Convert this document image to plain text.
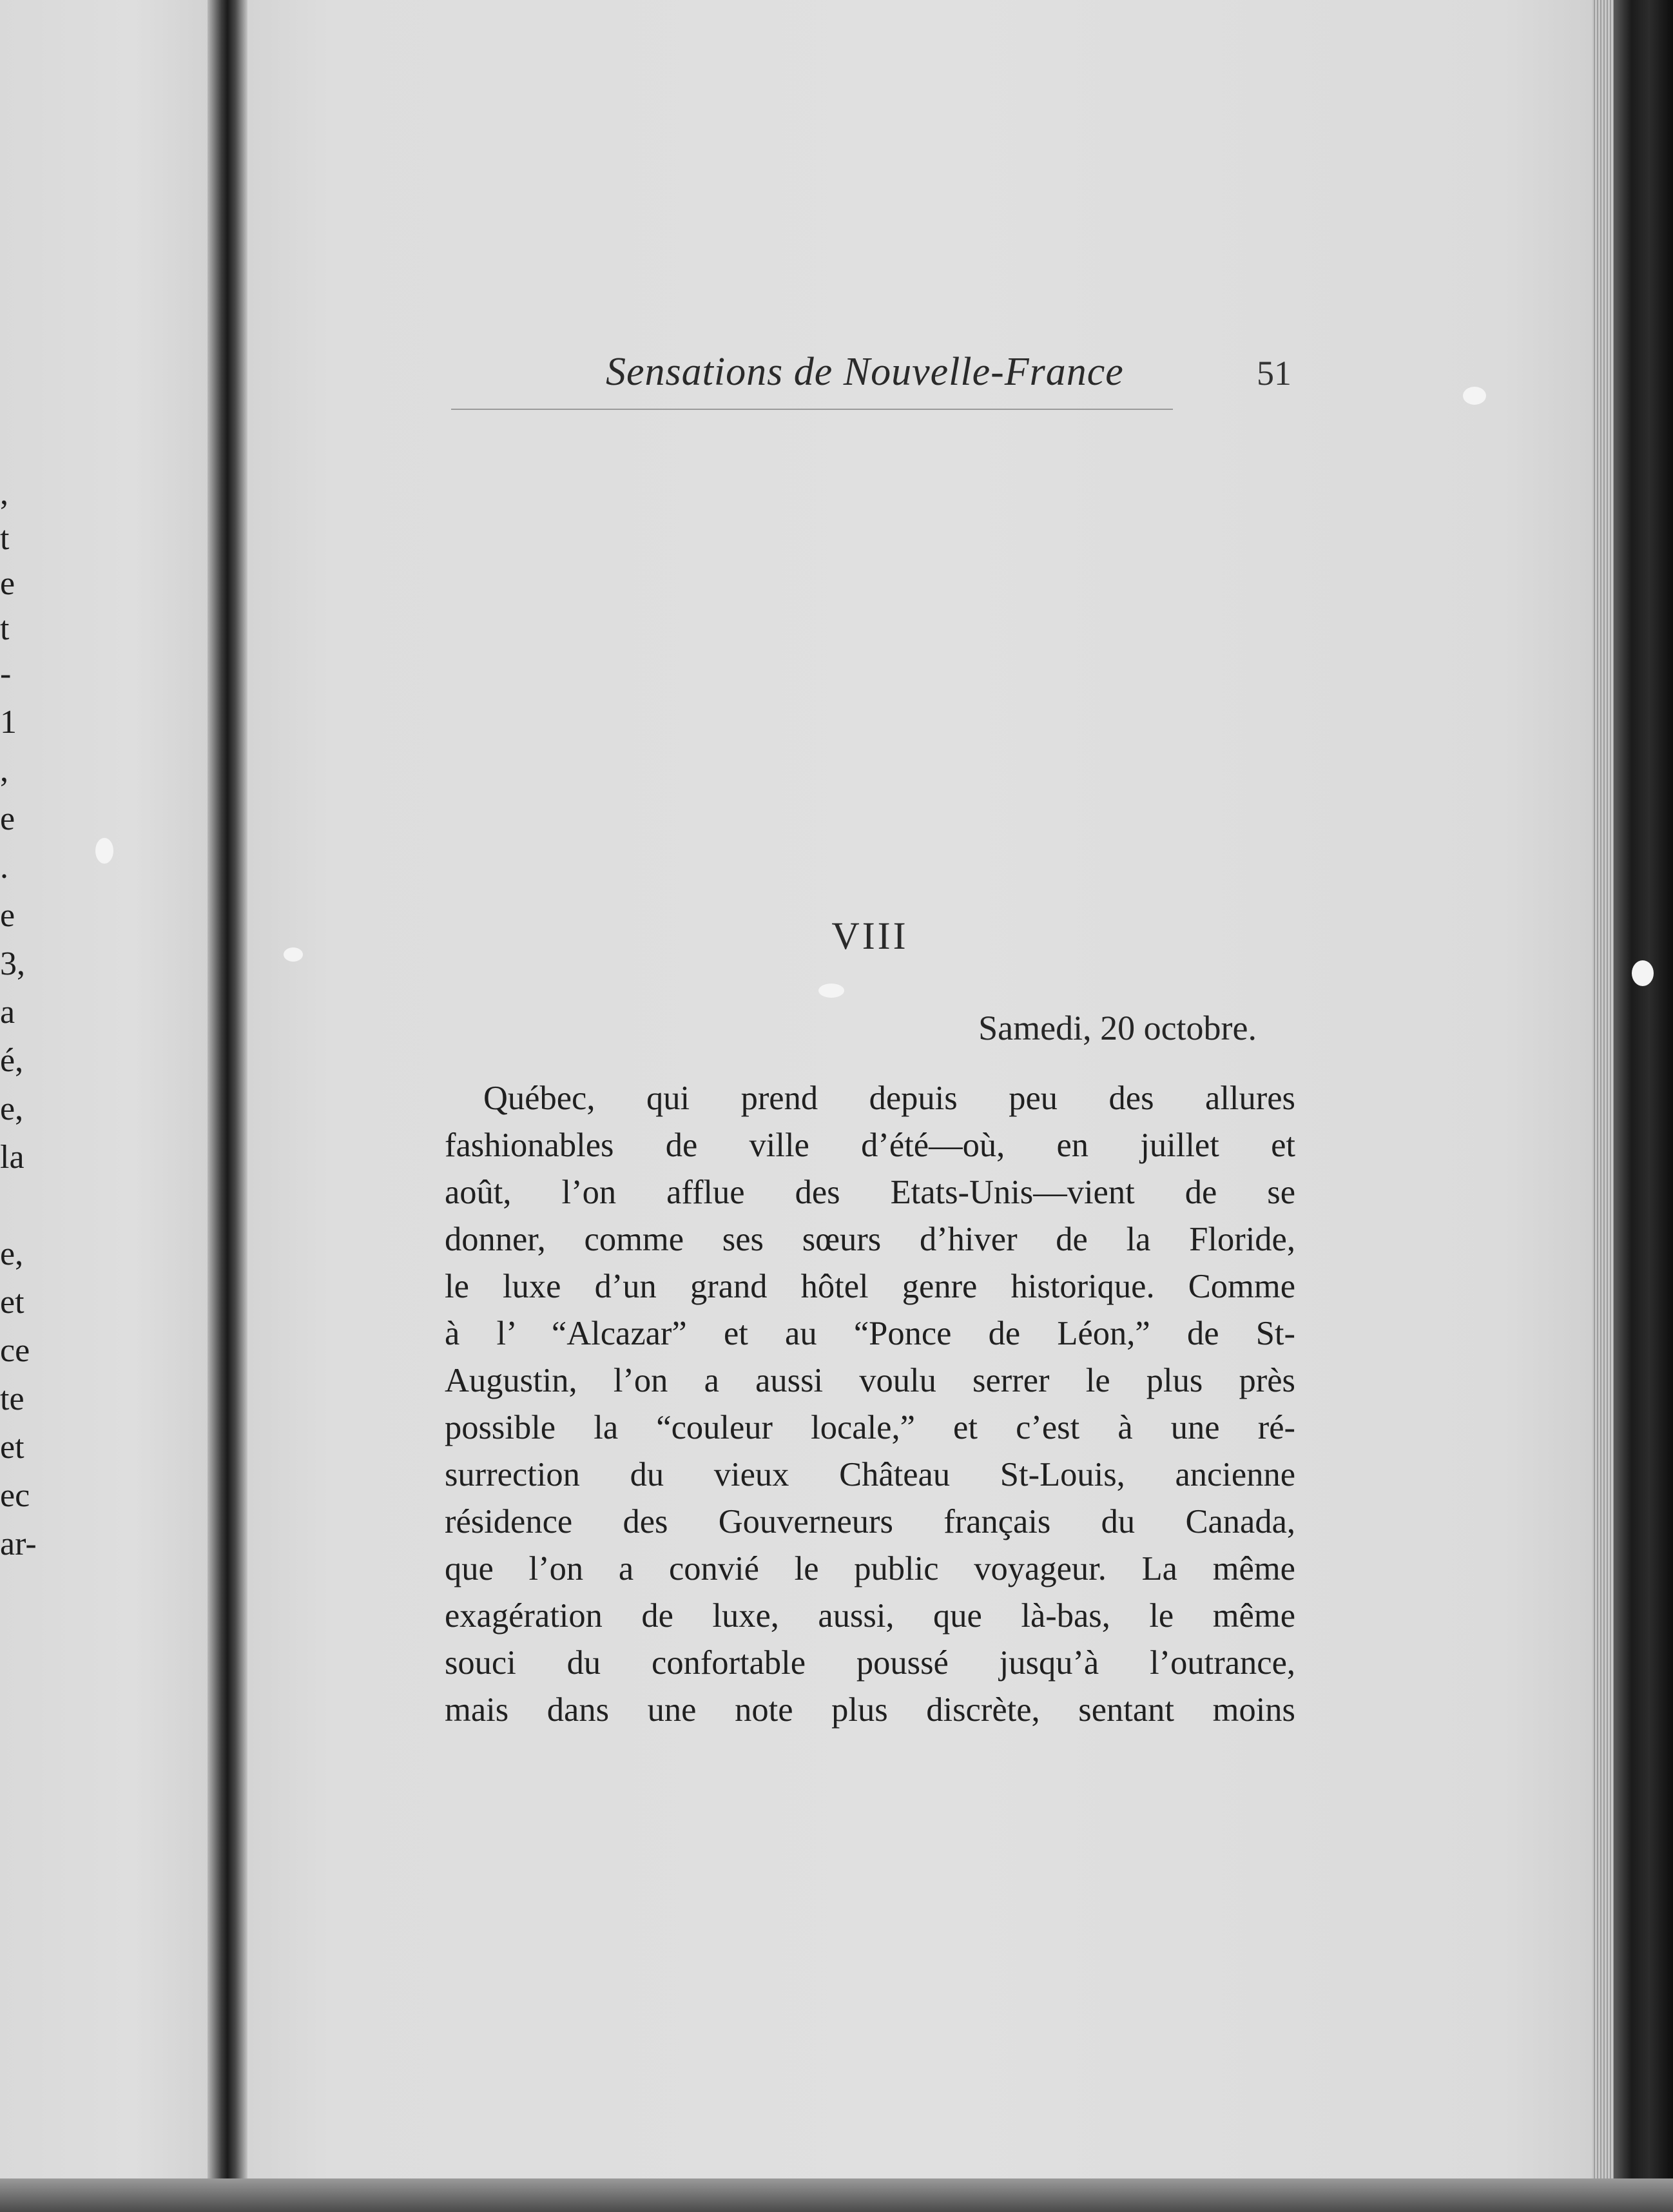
,
t
e
t
-
1
,
e
.
e
3,
a
é,
e,
la
e,
et
ce
te
et
ec
ar-
Sensations de Nouvelle-France	51
VIII
Samedi, 20 octobre.
Québec, qui prend depuis peu des allures
fashionables de ville d’été—où, en juillet et
août, l’on afflue des Etats-Unis—vient de se
donner, comme ses sœurs d’hiver de la Floride,
le luxe d’un grand hôtel genre historique. Comme
à l’ “Alcazar” et au “Ponce de Léon,” de St-
Augustin, l’on a aussi voulu serrer le plus près
possible la “couleur locale,” et c’est à une ré-
surrection du vieux Château St-Louis, ancienne
résidence des Gouverneurs français du Canada,
que l’on a convié le public voyageur. La même
exagération de luxe, aussi, que là-bas, le même
souci du confortable poussé jusqu’à l’outrance,
mais dans une note plus discrète, sentant moins
